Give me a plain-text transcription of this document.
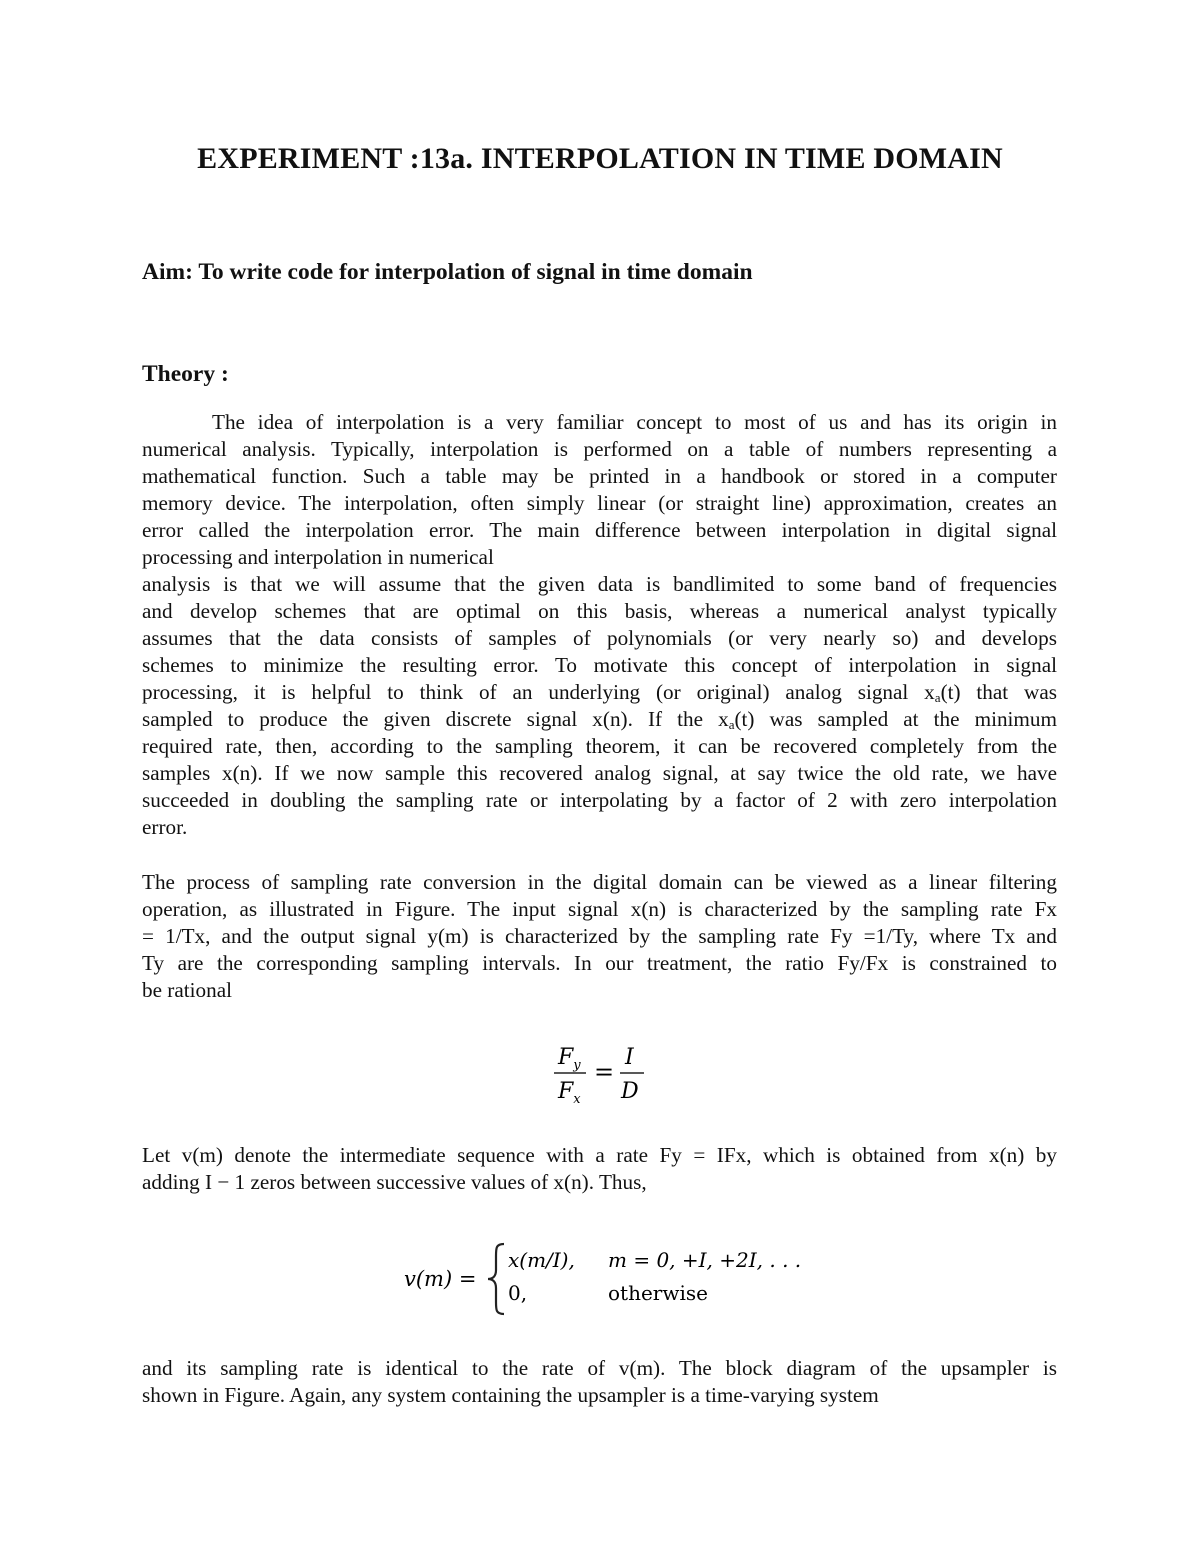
EXPERIMENT :13a. INTERPOLATION IN TIME DOMAIN
Aim: To write code for interpolation of signal in time domain
Theory :
The idea of interpolation is a very familiar concept to most of us and has its origin in
numerical analysis. Typically, interpolation is performed on a table of numbers representing a
mathematical function. Such a table may be printed in a handbook or stored in a computer
memory device. The interpolation, often simply linear (or straight line) approximation, creates an
error called the interpolation error. The main difference between interpolation in digital signal
processing and interpolation in numerical
analysis is that we will assume that the given data is bandlimited to some band of frequencies
and develop schemes that are optimal on this basis, whereas a numerical analyst typically
assumes that the data consists of samples of polynomials (or very nearly so) and develops
schemes to minimize the resulting error. To motivate this concept of interpolation in signal
processing, it is helpful to think of an underlying (or original) analog signal $x_a(t)$ that was
sampled to produce the given discrete signal x(n). If the $x_a(t)$ was sampled at the minimum
required rate, then, according to the sampling theorem, it can be recovered completely from the
samples x(n). If we now sample this recovered analog signal, at say twice the old rate, we have
succeeded in doubling the sampling rate or interpolating by a factor of 2 with zero interpolation
error.
The process of sampling rate conversion in the digital domain can be viewed as a linear filtering
operation, as illustrated in Figure. The input signal x(n) is characterized by the sampling rate Fx
= 1/Tx, and the output signal y(m) is characterized by the sampling rate Fy =1/Ty, where Tx and
Ty are the corresponding sampling intervals. In our treatment, the ratio Fy/Fx is constrained to
be rational
$F_y$
$F_x$
=
I
D
Let v(m) denote the intermediate sequence with a rate Fy = IFx, which is obtained from x(n) by
adding I − 1 zeros between successive values of x(n). Thus,
v(m) =
x(m/I), m = 0, +I, +2I, . . .
0,	otherwise
and its sampling rate is identical to the rate of v(m). The block diagram of the upsampler is
shown in Figure. Again, any system containing the upsampler is a time-varying system
